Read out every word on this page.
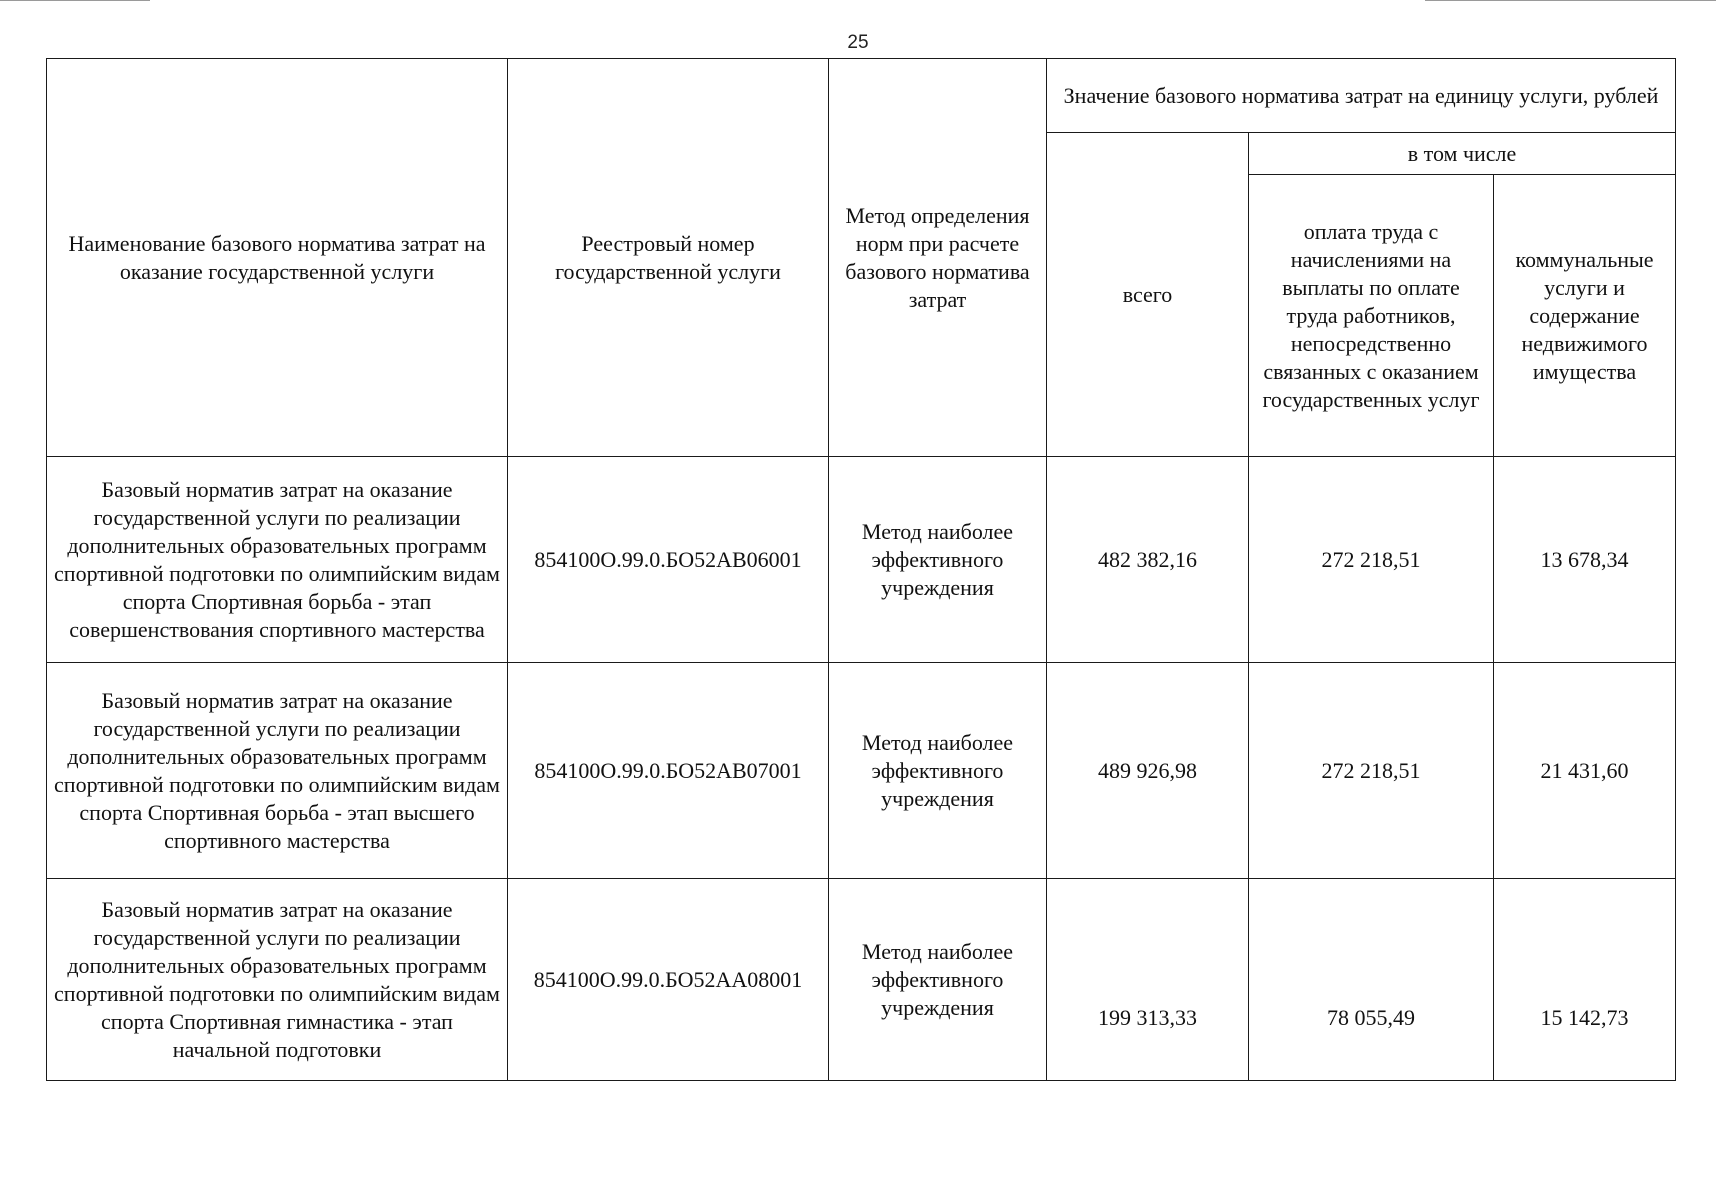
25
Наименование базового норматива затрат на оказание государственной услуги	Реестровый номер государственной услуги	Метод определения норм при расчете базового норматива затрат	Значение базового норматива затрат на единицу услуги, рублей		
			всего	в том числе	
				оплата труда с начислениями на выплаты по оплате труда работников, непосредственно связанных с оказанием государственных услуг	коммунальные услуги и содержание недвижимого имущества
Базовый норматив затрат на оказание государственной услуги по реализации дополнительных образовательных программ спортивной подготовки по олимпийским видам спорта Спортивная борьба - этап совершенствования спортивного мастерства	854100О.99.0.БО52АВ06001	Метод наиболее эффективного учреждения	482 382,16	272 218,51	13 678,34
Базовый норматив затрат на оказание государственной услуги по реализации дополнительных образовательных программ спортивной подготовки по олимпийским видам спорта Спортивная борьба - этап высшего спортивного мастерства	854100О.99.0.БО52АВ07001	Метод наиболее эффективного учреждения	489 926,98	272 218,51	21 431,60
Базовый норматив затрат на оказание государственной услуги по реализации дополнительных образовательных программ спортивной подготовки по олимпийским видам спорта Спортивная гимнастика - этап начальной подготовки	854100О.99.0.БО52АА08001	Метод наиболее эффективного учреждения	199 313,33	78 055,49	15 142,73
